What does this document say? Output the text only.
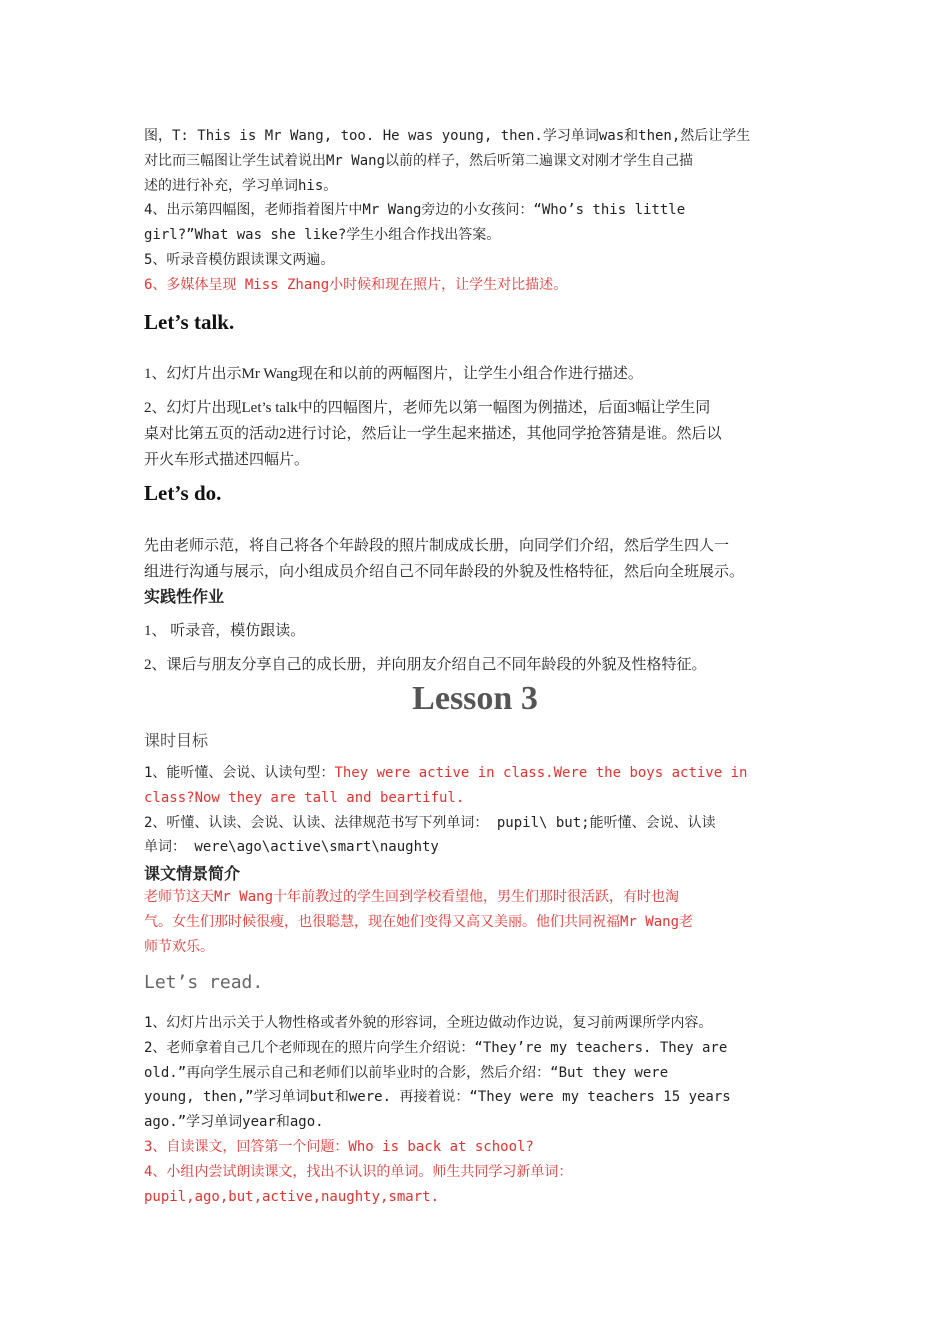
图，T: This is Mr Wang, too. He was young, then.学习单词was和then,然后让学生
对比而三幅图让学生试着说出Mr Wang以前的样子，然后听第二遍课文对刚才学生自己描
述的进行补充，学习单词his。
4、出示第四幅图，老师指着图片中Mr Wang旁边的小女孩问：“Who’s this little
girl?”What was she like?学生小组合作找出答案。
5、听录音模仿跟读课文两遍。
6、多媒体呈现 Miss Zhang小时候和现在照片，让学生对比描述。
Let’s talk.
1、幻灯片出示Mr Wang现在和以前的两幅图片，让学生小组合作进行描述。
2、幻灯片出现Let’s talk中的四幅图片，老师先以第一幅图为例描述，后面3幅让学生同
桌对比第五页的活动2进行讨论，然后让一学生起来描述，其他同学抢答猜是谁。然后以
开火车形式描述四幅片。
Let’s do.
先由老师示范，将自己将各个年龄段的照片制成成长册，向同学们介绍，然后学生四人一
组进行沟通与展示，向小组成员介绍自己不同年龄段的外貌及性格特征，然后向全班展示。
实践性作业
1、 听录音，模仿跟读。
2、课后与朋友分享自己的成长册，并向朋友介绍自己不同年龄段的外貌及性格特征。
Lesson 3
课时目标
1、能听懂、会说、认读句型：They were active in class.Were the boys active in
class?Now they are tall and beartiful.
2、听懂、认读、会说、认读、法律规范书写下列单词： pupil\ but;能听懂、会说、认读
单词： were\ago\active\smart\naughty
课文情景简介
老师节这天Mr Wang十年前教过的学生回到学校看望他，男生们那时很活跃，有时也淘
气。女生们那时候很瘦，也很聪慧，现在她们变得又高又美丽。他们共同祝福Mr Wang老
师节欢乐。
Let’s read.
1、幻灯片出示关于人物性格或者外貌的形容词，全班边做动作边说，复习前两课所学内容。
2、老师拿着自己几个老师现在的照片向学生介绍说：“They’re my teachers. They are
old.”再向学生展示自己和老师们以前毕业时的合影，然后介绍：“But they were
young, then,”学习单词but和were. 再接着说：“They were my teachers 15 years
ago.”学习单词year和ago.
3、自读课文，回答第一个问题：Who is back at school?
4、小组内尝试朗读课文，找出不认识的单词。师生共同学习新单词：
pupil,ago,but,active,naughty,smart.
